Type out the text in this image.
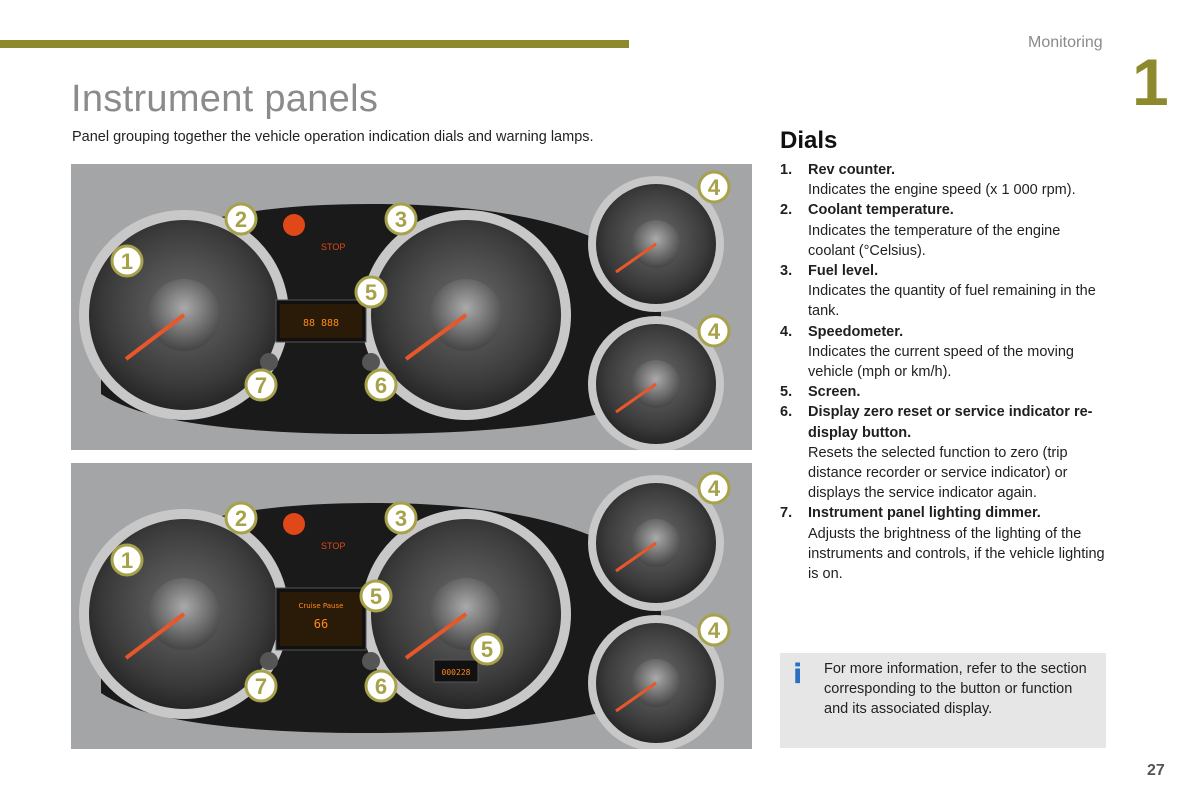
Monitoring
1
Instrument panels
Panel grouping together the vehicle operation indication dials and warning lamps.
88 888
STOP
1
2	3
4
4
5
6
7
Cruise Pause
66
STOP
000228
1
2	3
4
4
5
5
6
7
Dials
1.	Rev counter.
Indicates the engine speed (x 1 000 rpm).
2.	Coolant temperature.
Indicates the temperature of the engine coolant (°Celsius).
3.	Fuel level.
Indicates the quantity of fuel remaining in the tank.
4.	Speedometer.
Indicates the current speed of the moving vehicle (mph or km/h).
5.	Screen.
6.	Display zero reset or service indicator re-display button.
Resets the selected function to zero (trip distance recorder or service indicator) or displays the service indicator again.
7.	Instrument panel lighting dimmer.
Adjusts the brightness of the lighting of the instruments and controls, if the vehicle lighting is on.
i For more information, refer to the section corresponding to the button or function and its associated display.
27
